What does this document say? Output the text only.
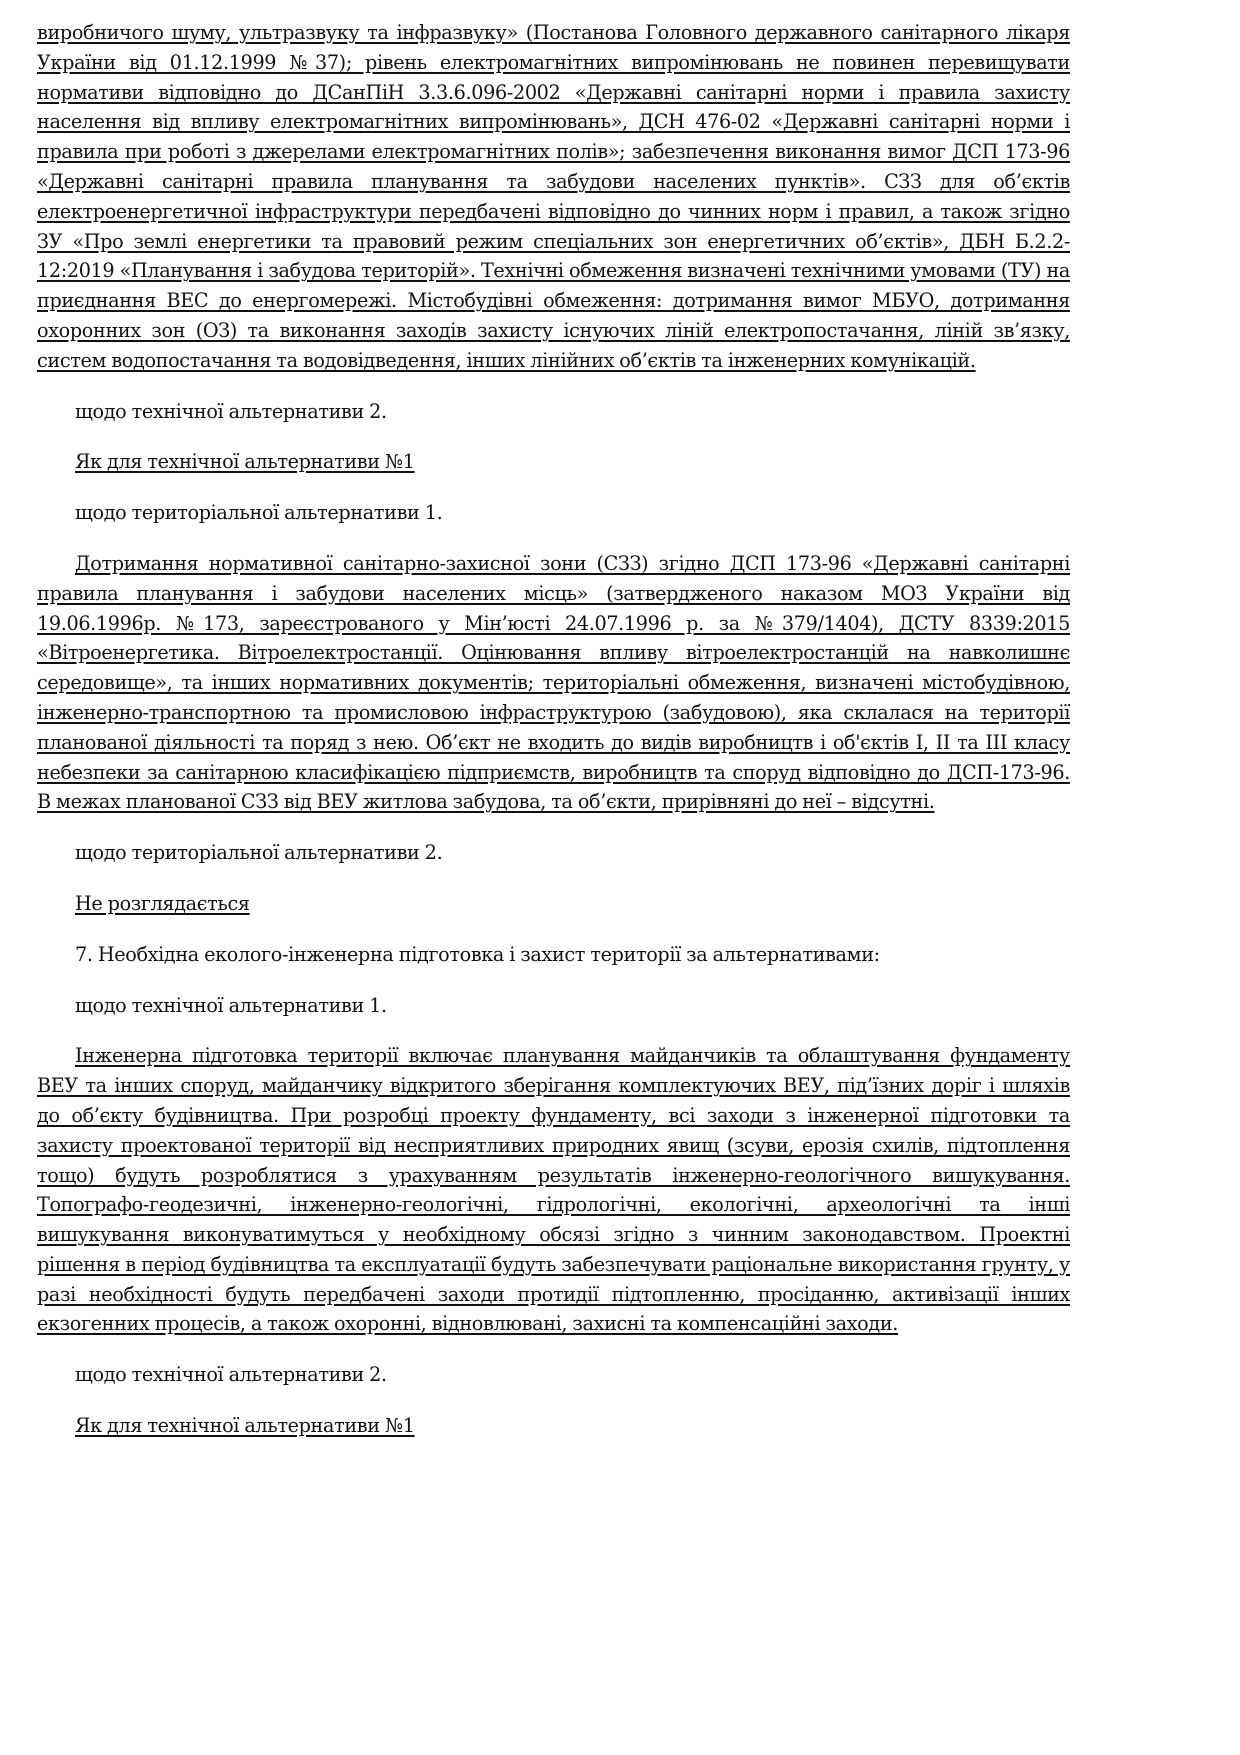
виробничого шуму, ультразвуку та інфразвуку» (Постанова Головного державного санітарного лікаря України від 01.12.1999 №37); рівень електромагнітних випромінювань не повинен перевищувати нормативи відповідно до ДСанПіН 3.3.6.096-2002 «Державні санітарні норми і правила захисту населення від впливу електромагнітних випромінювань», ДСН 476-02 «Державні санітарні норми і правила при роботі з джерелами електромагнітних полів»; забезпечення виконання вимог ДСП 173-96 «Державні санітарні правила планування та забудови населених пунктів». СЗЗ для об’єктів електроенергетичної інфраструктури передбачені відповідно до чинних норм і правил, а також згідно ЗУ «Про землі енергетики та правовий режим спеціальних зон енергетичних об’єктів», ДБН Б.2.2-12:2019 «Планування і забудова територій». Технічні обмеження визначені технічними умовами (ТУ) на приєднання ВЕС до енергомережі. Містобудівні обмеження: дотримання вимог МБУО, дотримання охоронних зон (ОЗ) та виконання заходів захисту існуючих ліній електропостачання, ліній зв’язку, систем водопостачання та водовідведення, інших лінійних об’єктів та інженерних комунікацій.

щодо технічної альтернативи 2.

Як для технічної альтернативи №1

щодо територіальної альтернативи 1.

Дотримання нормативної санітарно-захисної зони (СЗЗ) згідно ДСП 173-96 «Державні санітарні правила планування і забудови населених місць» (затвердженого наказом МОЗ України від 19.06.1996р. №173, зареєстрованого у Мін’юсті 24.07.1996 р. за №379/1404), ДСТУ 8339:2015 «Вітроенергетика. Вітроелектростанції. Оцінювання впливу вітроелектростанцій на навколишнє середовище», та інших нормативних документів; територіальні обмеження, визначені містобудівною, інженерно-транспортною та промисловою інфраструктурою (забудовою), яка склалася на території планованої діяльності та поряд з нею. Об’єкт не входить до видів виробництв і об'єктів I, II та III класу небезпеки за санітарною класифікацією підприємств, виробництв та споруд відповідно до ДСП-173-96. В межах планованої СЗЗ від ВЕУ житлова забудова, та об’єкти, прирівняні до неї – відсутні.

щодо територіальної альтернативи 2.

Не розглядається

7. Необхідна еколого-інженерна підготовка і захист території за альтернативами:

щодо технічної альтернативи 1.

Інженерна підготовка території включає планування майданчиків та облаштування фундаменту ВЕУ та інших споруд, майданчику відкритого зберігання комплектуючих ВЕУ, під’їзних доріг і шляхів до об’єкту будівництва. При розробці проекту фундаменту, всі заходи з інженерної підготовки та захисту проектованої території від несприятливих природних явищ (зсуви, ерозія схилів, підтоплення тощо) будуть розроблятися з урахуванням результатів інженерно-геологічного вишукування. Топографо-геодезичні, інженерно-геологічні, гідрологічні, екологічні, археологічні та інші вишукування виконуватимуться у необхідному обсязі згідно з чинним законодавством. Проектні рішення в період будівництва та експлуатації будуть забезпечувати раціональне використання грунту, у разі необхідності будуть передбачені заходи протидії підтопленню, просіданню, активізації інших екзогенних процесів, а також охоронні, відновлювані, захисні та компенсаційні заходи.

щодо технічної альтернативи 2.

Як для технічної альтернативи №1
